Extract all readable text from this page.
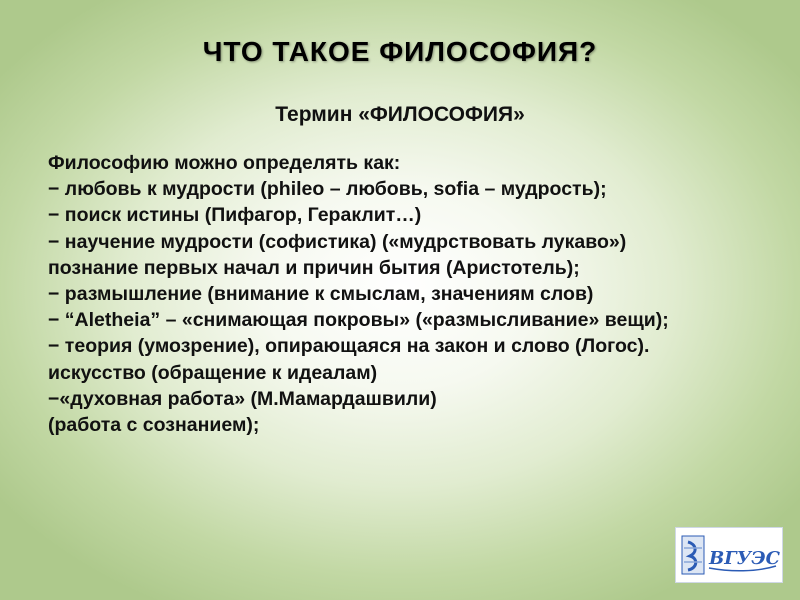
ЧТО ТАКОЕ ФИЛОСОФИЯ?
Термин «ФИЛОСОФИЯ»

Философию можно определять как:

− любовь к мудрости (phileo – любовь, sofia – мудрость);

− поиск истины (Пифагор, Гераклит…)

− научение мудрости (софистика) («мудрствовать лукаво»)

познание первых начал и причин бытия (Аристотель);

− размышление (внимание к смыслам, значениям слов)

− “Aletheia” – «снимающая покровы» («размысливание» вещи);

− теория (умозрение), опирающаяся на закон и слово (Логос).

искусство (обращение к идеалам)

−«духовная работа» (М.Мамардашвили)

(работа с сознанием);

ВГУЭС
